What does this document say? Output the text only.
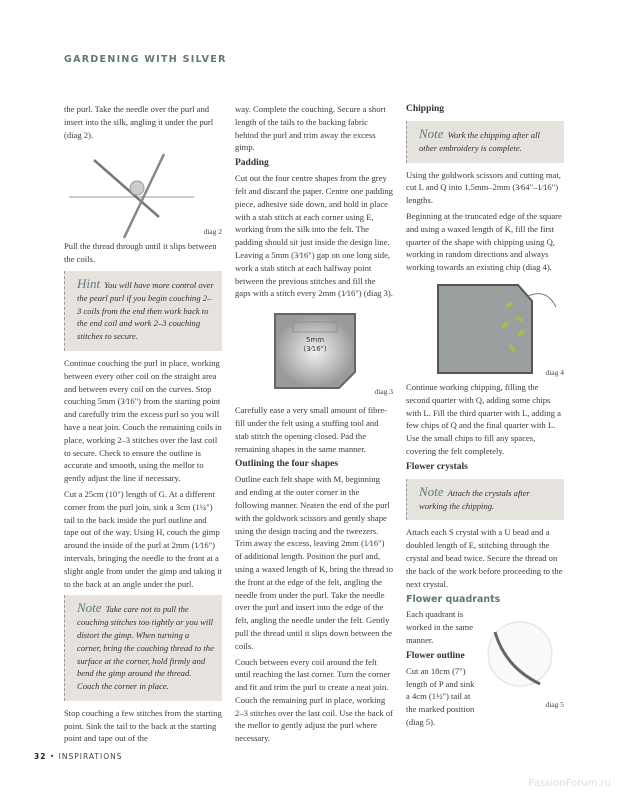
GARDENING WITH SILVER

the purl. Take the needle over the purl and insert into the silk, angling it under the purl (diag 2).

diag 2

Pull the thread through until it slips between the coils.

Hint You will have more control over the pearl purl if you begin couching 2–3 coils from the end then work back to the end coil and work 2–3 couching stitches to secure.

Continue couching the purl in place, working between every other coil on the straight area and between every coil on the curves. Stop couching 5mm (3⁄16") from the starting point and carefully trim the excess purl so you will have a neat join. Couch the remaining coils in place, working 2–3 stitches over the last coil to secure. Check to ensure the outline is accurate and smooth, using the mellor to gently adjust the line if necessary.

Cut a 25cm (10") length of G. At a different corner from the purl join, sink a 3cm (1¼") tail to the back inside the purl outline and tape out of the way. Using H, couch the gimp around the inside of the purl at 2mm (1⁄16") intervals, bringing the needle to the front at a slight angle from under the gimp and taking it to the back at an angle under the purl.

Note Take care not to pull the couching stitches too tightly or you will distort the gimp. When turning a corner, bring the couching thread to the surface at the corner, hold firmly and bend the gimp around the thread. Couch the corner in place.

Stop couching a few stitches from the starting point. Sink the tail to the back at the starting point and tape out of the

way. Complete the couching. Secure a short length of the tails to the backing fabric behind the purl and trim away the excess gimp.

Padding

Cut out the four centre shapes from the grey felt and discard the paper. Centre one padding piece, adhesive side down, and hold in place with a stab stitch at each corner using E, working from the silk into the felt. The padding should sit just inside the design line. Leaving a 5mm (3⁄16") gap on one long side, work a stab stitch at each halfway point between the previous stitches and fill the gaps with a stitch every 2mm (1⁄16") (diag 3).

5mm
(3⁄16")
diag 3

Carefully ease a very small amount of fibre-fill under the felt using a stuffing tool and stab stitch the opening closed. Pad the remaining shapes in the same manner.

Outlining the four shapes

Outline each felt shape with M, beginning and ending at the outer corner in the following manner. Neaten the end of the purl with the goldwork scissors and gently shape using the design tracing and the tweezers. Trim away the excess, leaving 2mm (1⁄16") of additional length. Position the purl and, using a waxed length of K, bring the thread to the front at the edge of the felt, angling the needle from under the purl. Take the needle over the purl and insert into the edge of the felt, angling the needle under the felt. Gently pull the thread until it slips down between the coils.

Couch between every coil around the felt until reaching the last corner. Turn the corner and fit and trim the purl to create a neat join. Couch the remaining purl in place, working 2–3 stitches over the last coil. Use the back of the mellor to gently adjust the purl where necessary.

Chipping
Note Work the chipping after all other embroidery is complete.

Using the goldwork scissors and cutting mat, cut L and Q into 1.5mm–2mm (3⁄64"–1⁄16") lengths.

Beginning at the truncated edge of the square and using a waxed length of K, fill the first quarter of the shape with chipping using Q, working in random directions and always working towards an existing chip (diag 4).

diag 4

Continue working chipping, filling the second quarter with Q, adding some chips with L. Fill the third quarter with L, adding a few chips of Q and the final quarter with L. Use the small chips to fill any spaces, covering the felt completely.

Flower crystals
Note Attach the crystals after working the chipping.

Attach each S crystal with a U bead and a doubled length of E, stitching through the crystal and bead twice. Secure the thread on the back of the work before proceeding to the next crystal.

Flower quadrants

Each quadrant is worked in the same manner.

Flower outline

Cut an 18cm (7") length of P and sink a 4cm (1½") tail at the marked position (diag 5).

diag 5
32 • INSPIRATIONS
PassionForum.ru
